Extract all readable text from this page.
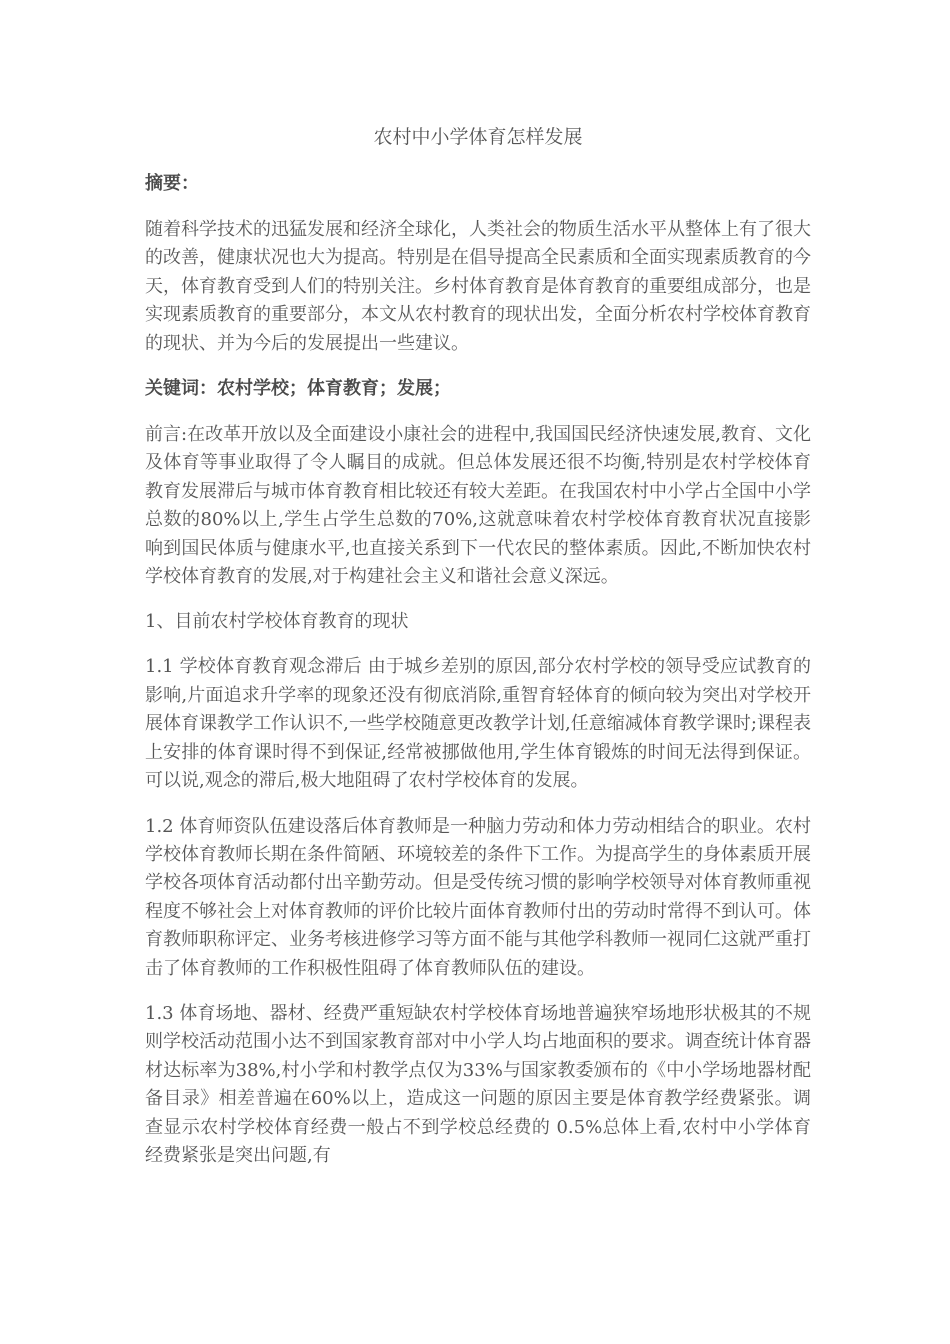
农村中小学体育怎样发展
摘要：
随着科学技术的迅猛发展和经济全球化，人类社会的物质生活水平从整体上有了很大的改善，健康状况也大为提高。特别是在倡导提高全民素质和全面实现素质教育的今天，体育教育受到人们的特别关注。乡村体育教育是体育教育的重要组成部分，也是实现素质教育的重要部分，本文从农村教育的现状出发，全面分析农村学校体育教育的现状、并为今后的发展提出一些建议。
关键词：农村学校；体育教育；发展；
前言:在改革开放以及全面建设小康社会的进程中,我国国民经济快速发展,教育、文化及体育等事业取得了令人瞩目的成就。但总体发展还很不均衡,特别是农村学校体育教育发展滞后与城市体育教育相比较还有较大差距。在我国农村中小学占全国中小学总数的80%以上,学生占学生总数的70%,这就意味着农村学校体育教育状况直接影响到国民体质与健康水平,也直接关系到下一代农民的整体素质。因此,不断加快农村学校体育教育的发展,对于构建社会主义和谐社会意义深远。
1、目前农村学校体育教育的现状
1.1 学校体育教育观念滞后 由于城乡差别的原因,部分农村学校的领导受应试教育的影响,片面追求升学率的现象还没有彻底消除,重智育轻体育的倾向较为突出对学校开展体育课教学工作认识不,一些学校随意更改教学计划,任意缩减体育教学课时;课程表上安排的体育课时得不到保证,经常被挪做他用,学生体育锻炼的时间无法得到保证。可以说,观念的滞后,极大地阻碍了农村学校体育的发展。
1.2 体育师资队伍建设落后体育教师是一种脑力劳动和体力劳动相结合的职业。农村学校体育教师长期在条件简陋、环境较差的条件下工作。为提高学生的身体素质开展学校各项体育活动都付出辛勤劳动。但是受传统习惯的影响学校领导对体育教师重视程度不够社会上对体育教师的评价比较片面体育教师付出的劳动时常得不到认可。体育教师职称评定、业务考核进修学习等方面不能与其他学科教师一视同仁这就严重打击了体育教师的工作积极性阻碍了体育教师队伍的建设。
1.3 体育场地、器材、经费严重短缺农村学校体育场地普遍狭窄场地形状极其的不规则学校活动范围小达不到国家教育部对中小学人均占地面积的要求。调查统计体育器材达标率为38%,村小学和村教学点仅为33%与国家教委颁布的《中小学场地器材配备目录》相差普遍在60%以上，造成这一问题的原因主要是体育教学经费紧张。调查显示农村学校体育经费一般占不到学校总经费的 0.5%总体上看,农村中小学体育经费紧张是突出问题,有
